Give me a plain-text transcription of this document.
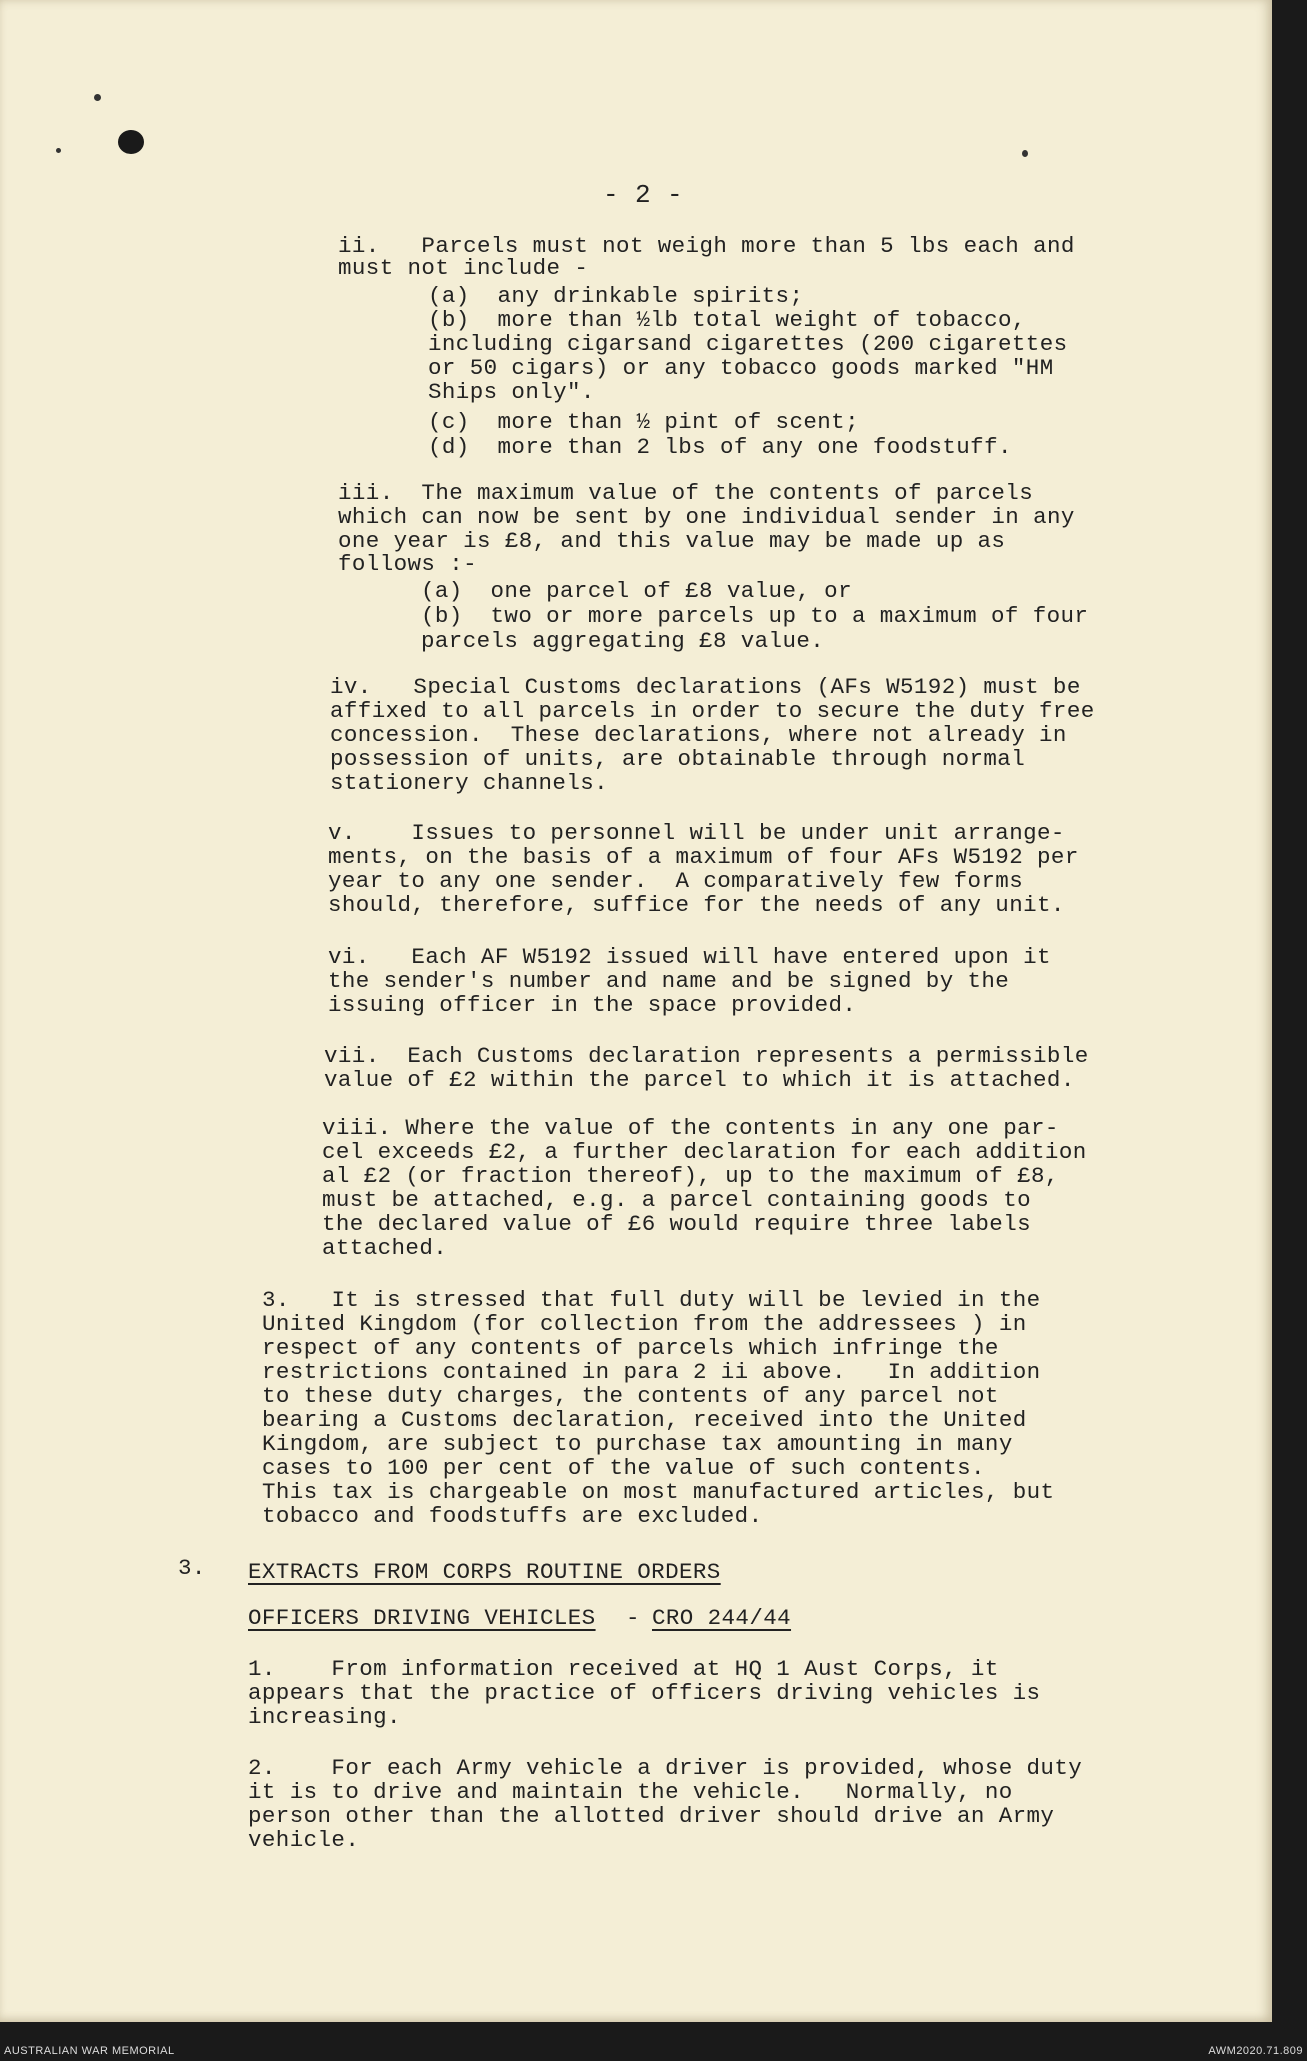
- 2 -
ii.   Parcels must not weigh more than 5 lbs each and
must not include -
(a)  any drinkable spirits;
(b)  more than ½lb total weight of tobacco,
including cigarsand cigarettes (200 cigarettes
or 50 cigars) or any tobacco goods marked "HM
Ships only".
(c)  more than ½ pint of scent;
(d)  more than 2 lbs of any one foodstuff.
iii.  The maximum value of the contents of parcels
which can now be sent by one individual sender in any
one year is £8, and this value may be made up as
follows :-
(a)  one parcel of £8 value, or
(b)  two or more parcels up to a maximum of four
parcels aggregating £8 value.
iv.   Special Customs declarations (AFs W5192) must be
affixed to all parcels in order to secure the duty free
concession.  These declarations, where not already in
possession of units, are obtainable through normal
stationery channels.
v.    Issues to personnel will be under unit arrange-
ments, on the basis of a maximum of four AFs W5192 per
year to any one sender.  A comparatively few forms
should, therefore, suffice for the needs of any unit.
vi.   Each AF W5192 issued will have entered upon it
the sender's number and name and be signed by the
issuing officer in the space provided.
vii.  Each Customs declaration represents a permissible
value of £2 within the parcel to which it is attached.
viii. Where the value of the contents in any one par-
cel exceeds £2, a further declaration for each addition
al £2 (or fraction thereof), up to the maximum of £8,
must be attached, e.g. a parcel containing goods to
the declared value of £6 would require three labels
attached.
3.   It is stressed that full duty will be levied in the
United Kingdom (for collection from the addressees ) in
respect of any contents of parcels which infringe the
restrictions contained in para 2 ii above.   In addition
to these duty charges, the contents of any parcel not
bearing a Customs declaration, received into the United
Kingdom, are subject to purchase tax amounting in many
cases to 100 per cent of the value of such contents.
This tax is chargeable on most manufactured articles, but
tobacco and foodstuffs are excluded.
3. EXTRACTS FROM CORPS ROUTINE ORDERS
OFFICERS DRIVING VEHICLES - CRO 244/44
1.    From information received at HQ 1 Aust Corps, it
appears that the practice of officers driving vehicles is
increasing.
2.    For each Army vehicle a driver is provided, whose duty
it is to drive and maintain the vehicle.   Normally, no
person other than the allotted driver should drive an Army
vehicle.
AUSTRALIAN WAR MEMORIAL	AWM2020.71.809
